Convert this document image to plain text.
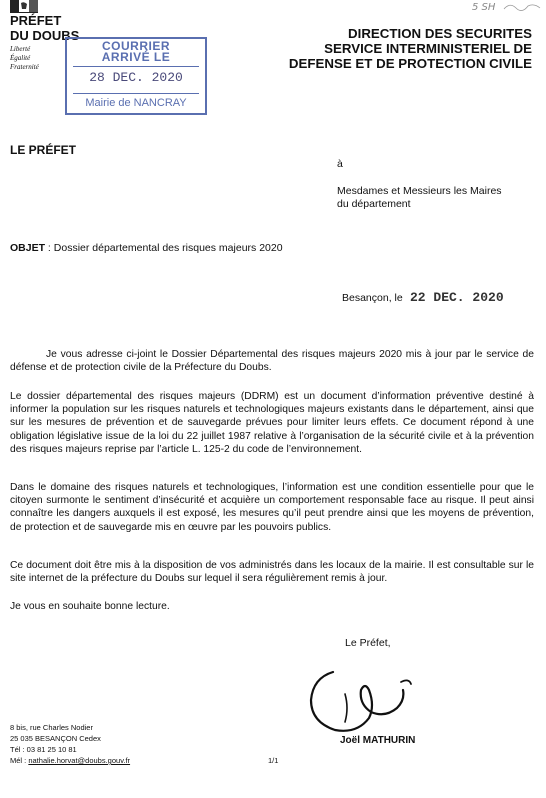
PRÉFET
DU DOUBS
Liberté
Égalité
Fraternité
COURRIER
ARRIVÉ LE
28 DEC. 2020
Mairie de NANCRAY
5 SH
DIRECTION DES SECURITES
SERVICE INTERMINISTERIEL DE
DEFENSE ET DE PROTECTION CIVILE
LE PRÉFET
à
Mesdames et Messieurs les Maires
du département
OBJET : Dossier départemental des risques majeurs 2020
Besançon, le 22 DEC. 2020
Je vous adresse ci-joint le Dossier Départemental des risques majeurs 2020 mis à jour par le service de défense et de protection civile de la Préfecture du Doubs.
Le dossier départemental des risques majeurs (DDRM) est un document d’information préventive destiné à informer la population sur les risques naturels et technologiques majeurs existants dans le département, ainsi que sur les mesures de prévention et de sauvegarde prévues pour limiter leurs effets. Ce document répond à une obligation législative issue de la loi du 22 juillet 1987 relative à l’organisation de la sécurité civile et à la prévention des risques majeurs reprise par l’article L. 125-2 du code de l’environnement.
Dans le domaine des risques naturels et technologiques, l’information est une condition essentielle pour que le citoyen surmonte le sentiment d’insécurité et acquière un comportement responsable face au risque. Il peut ainsi connaître les dangers auxquels il est exposé, les mesures qu’il peut prendre ainsi que les moyens de prévention, de protection et de sauvegarde mis en œuvre par les pouvoirs publics.
Ce document doit être mis à la disposition de vos administrés dans les locaux de la mairie. Il est consultable sur le site internet de la préfecture du Doubs sur lequel il sera régulièrement remis à jour.
Je vous en souhaite bonne lecture.
Le Préfet,
Joël MATHURIN
8 bis, rue Charles Nodier
25 035 BESANÇON Cedex
Tél : 03 81 25 10 81
Mél : nathalie.horvat@doubs.gouv.fr	1/1
